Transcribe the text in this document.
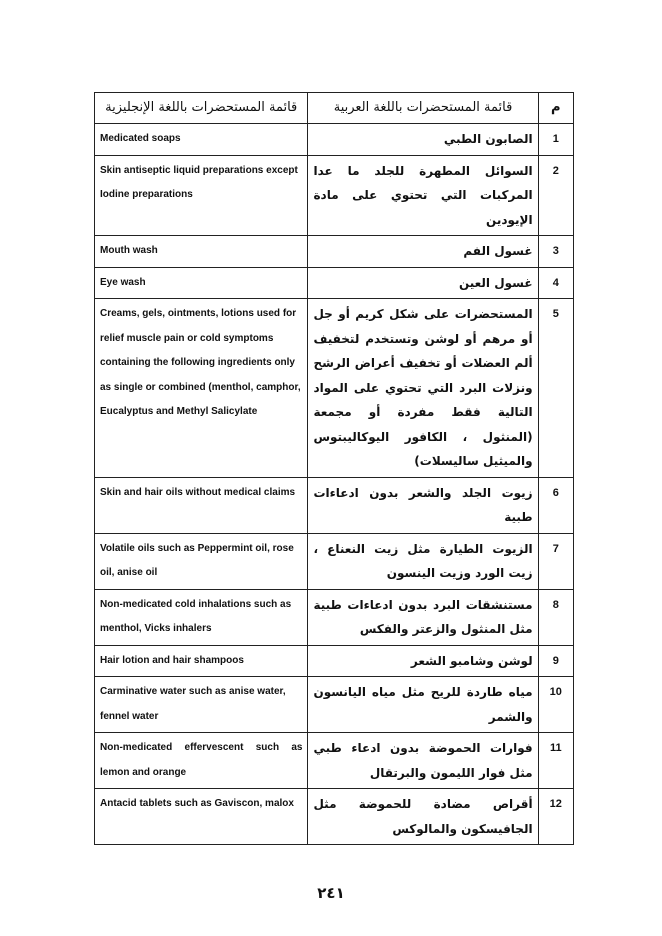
قائمة المستحضرات باللغة الإنجليزية	قائمة المستحضرات باللغة العربية	م
Medicated soaps	الصابون الطبي	1
Skin antiseptic liquid preparations except Iodine preparations	السوائل المطهرة للجلد ما عدا المركبات التي تحتوي على مادة الإيودين	2
Mouth wash	غسول الفم	3
Eye wash	غسول العين	4
Creams, gels, ointments, lotions used for relief muscle pain or cold symptoms containing the following ingredients only as single or combined (menthol, camphor, Eucalyptus and Methyl Salicylate	المستحضرات على شكل كريم أو جل أو مرهم أو لوشن وتستخدم لتخفيف ألم العضلات أو تخفيف أعراض الرشح ونزلات البرد التي تحتوي على المواد التالية فقط مفردة أو مجمعة (المنثول ، الكافور اليوكاليبتوس والميثيل ساليسلات)	5
Skin and hair oils without medical claims	زيوت الجلد والشعر بدون ادعاءات طبية	6
Volatile oils such as Peppermint oil, rose oil, anise oil	الزيوت الطيارة مثل زيت النعناع ، زيت الورد وزيت الينسون	7
Non-medicated cold inhalations such as menthol, Vicks inhalers	مستنشقات البرد بدون ادعاءات طبية مثل المنثول والزعتر والفكس	8
Hair lotion and hair shampoos	لوشن وشامبو الشعر	9
Carminative water such as anise water, fennel water	مياه طاردة للريح مثل مياه اليانسون والشمر	10
Non-medicated effervescent such as lemon and orange	فوارات الحموضة بدون ادعاء طبي مثل فوار الليمون والبرتقال	11
Antacid tablets such as Gaviscon, malox	أقراص مضادة للحموضة مثل الجافيسكون والمالوكس	12
٢٤١
